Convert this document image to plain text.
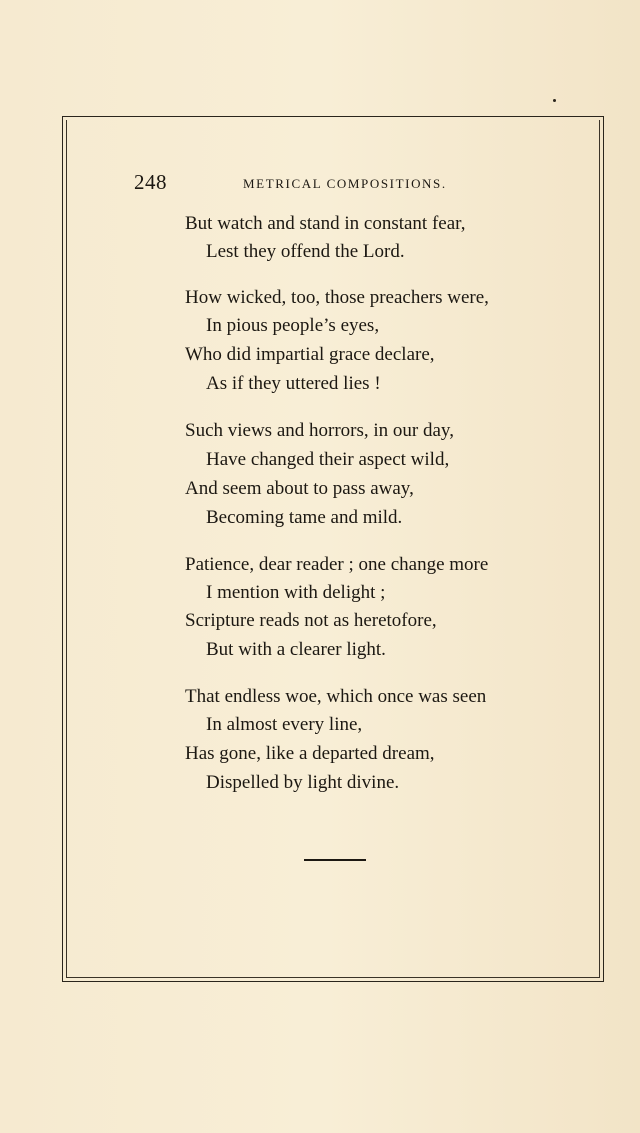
248	METRICAL COMPOSITIONS.
But watch and stand in constant fear,
Lest they offend the Lord.
How wicked, too, those preachers were,
In pious people’s eyes,
Who did impartial grace declare,
As if they uttered lies !
Such views and horrors, in our day,
Have changed their aspect wild,
And seem about to pass away,
Becoming tame and mild.
Patience, dear reader ; one change more
I mention with delight ;
Scripture reads not as heretofore,
But with a clearer light.
That endless woe, which once was seen
In almost every line,
Has gone, like a departed dream,
Dispelled by light divine.
